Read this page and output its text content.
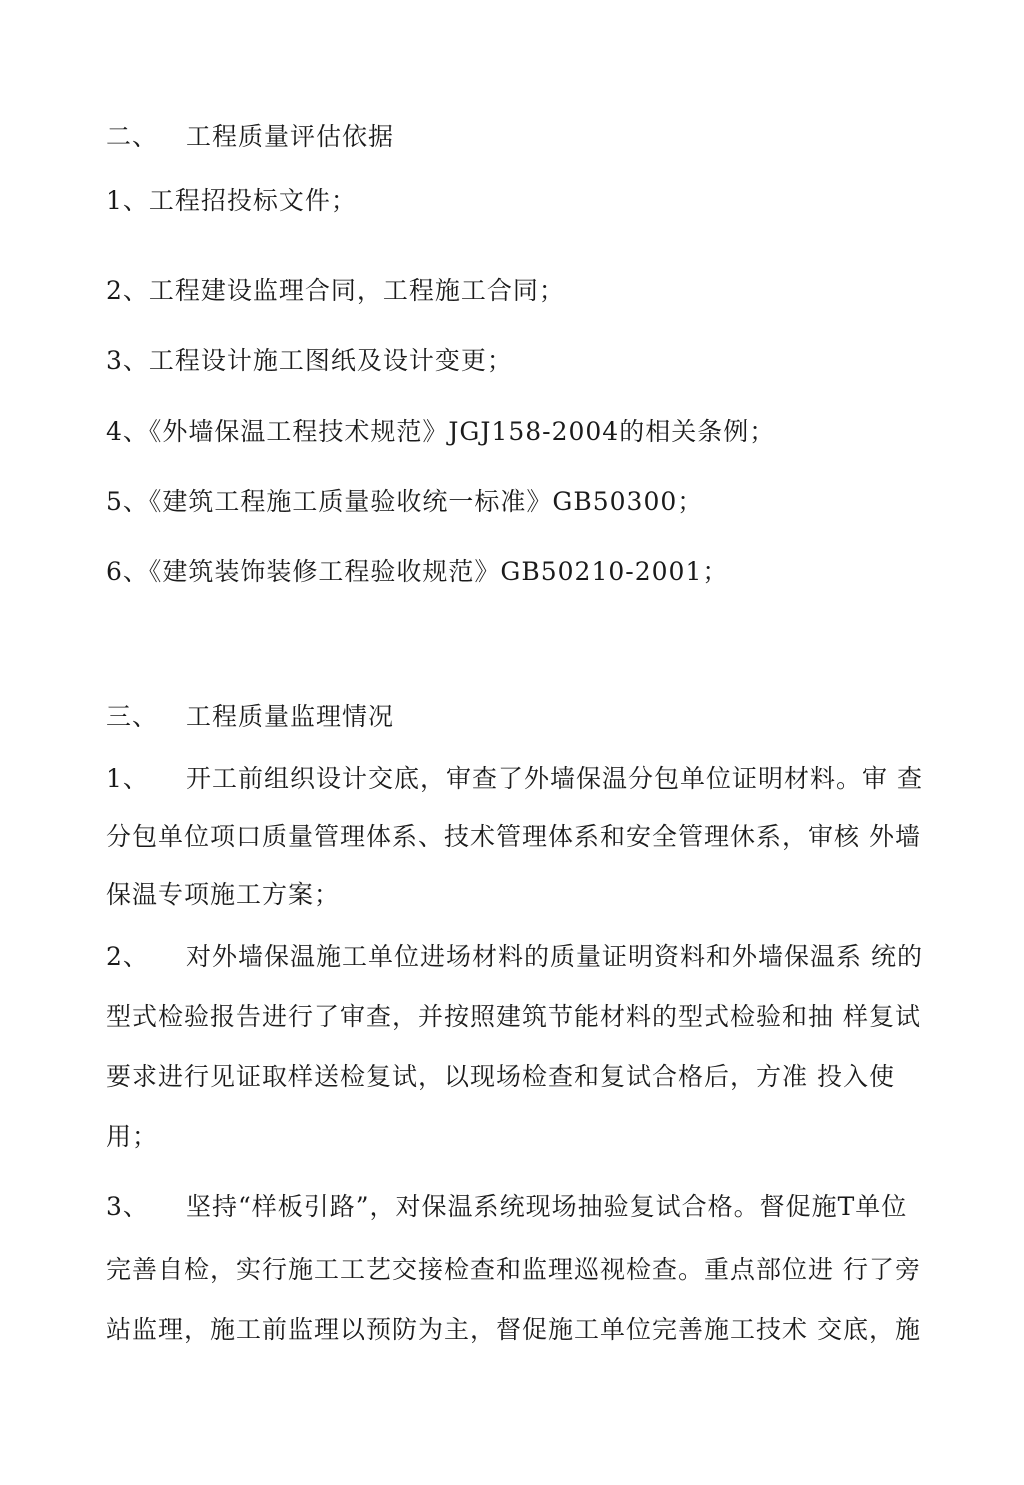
二、 工程质量评估依据
1、工程招投标文件；
2、工程建设监理合同，工程施工合同；
3、工程设计施工图纸及设计变更；
4、《外墙保温工程技术规范》JGJ158-2004的相关条例；
5、《建筑工程施工质量验收统一标准》GB50300；
6、《建筑装饰装修工程验收规范》GB50210-2001；
三、 工程质量监理情况
1、 开工前组织设计交底，审查了外墙保温分包单位证明材料。审 查
分包单位项口质量管理体系、技术管理体系和安全管理休系，审核 外墙
保温专项施工方案；
2、 对外墙保温施工单位进场材料的质量证明资料和外墙保温系 统的
型式检验报告进行了审查，并按照建筑节能材料的型式检验和抽 样复试
要求进行见证取样送检复试，以现场检查和复试合格后，方准 投入使
用；
3、 坚持“样板引路”，对保温系统现场抽验复试合格。督促施T单位
完善自检，实行施工工艺交接检查和监理巡视检查。重点部位进 行了旁
站监理，施工前监理以预防为主，督促施工单位完善施工技术 交底，施
